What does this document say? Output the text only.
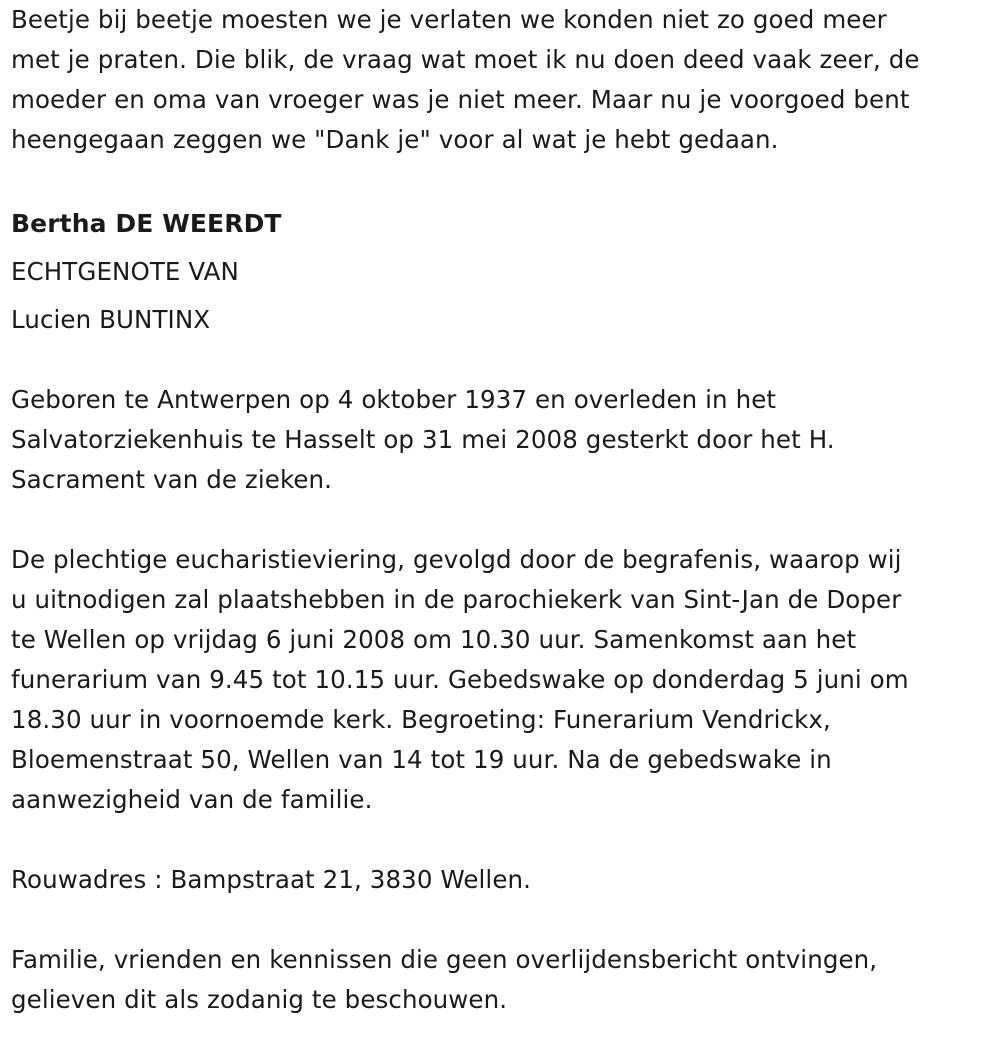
Beetje bij beetje moesten we je verlaten we konden niet zo goed meer
met je praten. Die blik, de vraag wat moet ik nu doen deed vaak zeer, de
moeder en oma van vroeger was je niet meer. Maar nu je voorgoed bent
heengegaan zeggen we "Dank je" voor al wat je hebt gedaan.
Bertha DE WEERDT
ECHTGENOTE VAN
Lucien BUNTINX
Geboren te Antwerpen op 4 oktober 1937 en overleden in het
Salvatorziekenhuis te Hasselt op 31 mei 2008 gesterkt door het H.
Sacrament van de zieken.
De plechtige eucharistieviering, gevolgd door de begrafenis, waarop wij
u uitnodigen zal plaatshebben in de parochiekerk van Sint-Jan de Doper
te Wellen op vrijdag 6 juni 2008 om 10.30 uur. Samenkomst aan het
funerarium van 9.45 tot 10.15 uur. Gebedswake op donderdag 5 juni om
18.30 uur in voornoemde kerk. Begroeting: Funerarium Vendrickx,
Bloemenstraat 50, Wellen van 14 tot 19 uur. Na de gebedswake in
aanwezigheid van de familie.
Rouwadres : Bampstraat 21, 3830 Wellen.
Familie, vrienden en kennissen die geen overlijdensbericht ontvingen,
gelieven dit als zodanig te beschouwen.
